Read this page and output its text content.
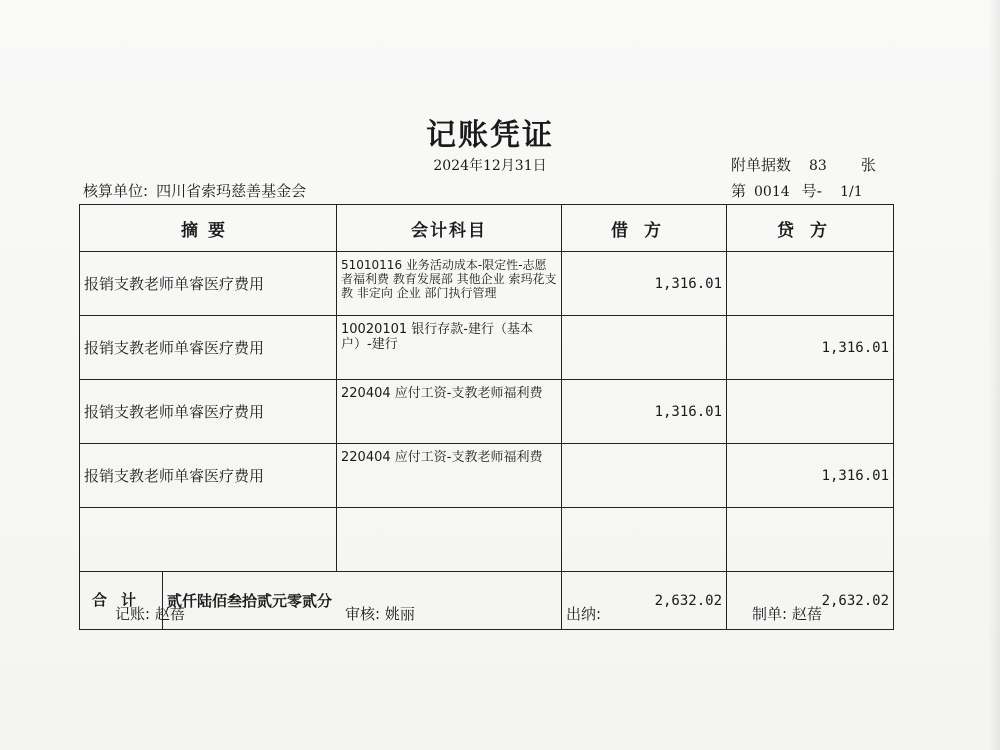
记账凭证
2024年12月31日	附单据数 83 张
核算单位: 四川省索玛慈善基金会	第 0014 号- 1/1
摘要	会计科目	借方	贷方
报销支教老师单睿医疗费用	51010116 业务活动成本-限定性-志愿者福利费 教育发展部 其他企业 索玛花支教 非定向 企业 部门执行管理	1,316.01	
报销支教老师单睿医疗费用	10020101 银行存款-建行（基本户）-建行		1,316.01
报销支教老师单睿医疗费用	220404 应付工资-支教老师福利费	1,316.01	
报销支教老师单睿医疗费用	220404 应付工资-支教老师福利费		1,316.01

合计 贰仟陆佰叁拾贰元零贰分		2,632.02	2,632.02
记账: 赵蓓	审核: 姚丽	出纳:	制单: 赵蓓
